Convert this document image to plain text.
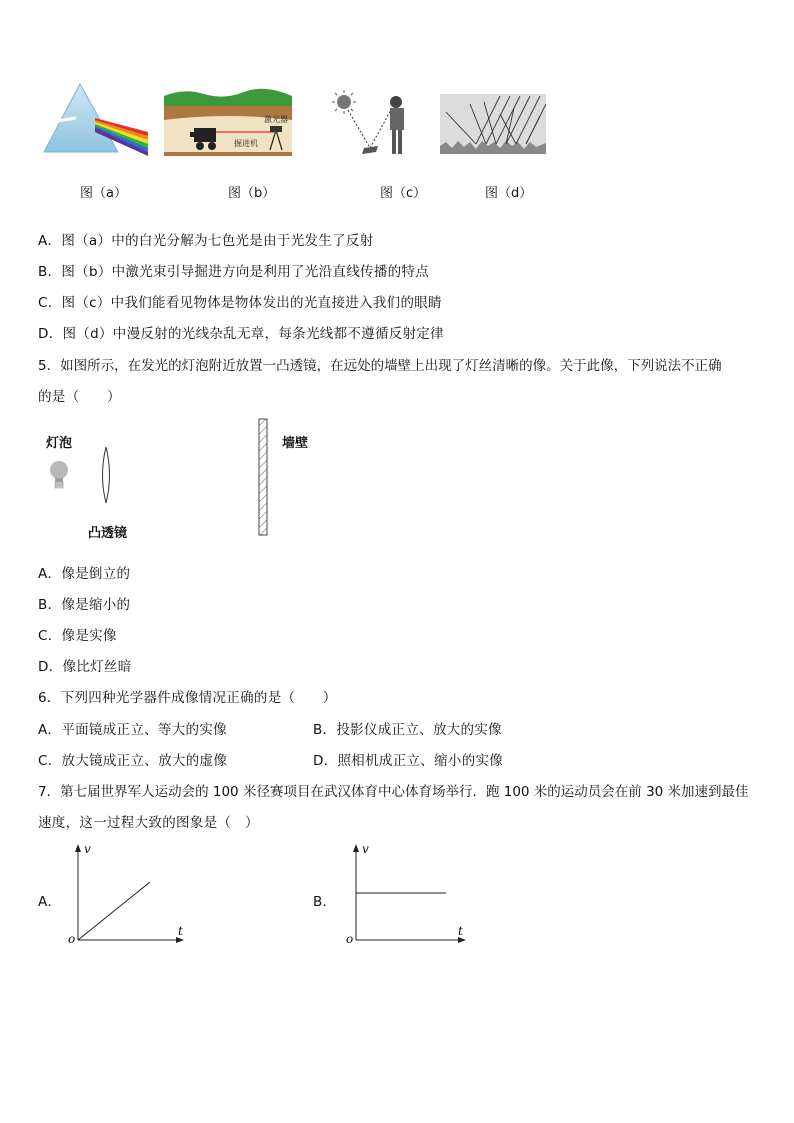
激光器
掘进机
图（a）	图（b）	图（c）	图（d）
A．图（a）中的白光分解为七色光是由于光发生了反射
B．图（b）中激光束引导掘进方向是利用了光沿直线传播的特点
C．图（c）中我们能看见物体是物体发出的光直接进入我们的眼睛
D．图（d）中漫反射的光线杂乱无章，每条光线都不遵循反射定律
5．如图所示，在发光的灯泡附近放置一凸透镜，在远处的墙壁上出现了灯丝清晰的像。关于此像，下列说法不正确
的是（　　）
灯泡	墙壁
凸透镜
A．像是倒立的
B．像是缩小的
C．像是实像
D．像比灯丝暗
6．下列四种光学器件成像情况正确的是（　　）
A．平面镜成正立、等大的实像	B．投影仪成正立、放大的实像
C．放大镜成正立、放大的虚像	D．照相机成正立、缩小的实像
7．第七届世界军人运动会的 100 米径赛项目在武汉体育中心体育场举行．跑 100 米的运动员会在前 30 米加速到最佳
速度，这一过程大致的图象是（　）
A．
v
t
o
B．
v
t
o
